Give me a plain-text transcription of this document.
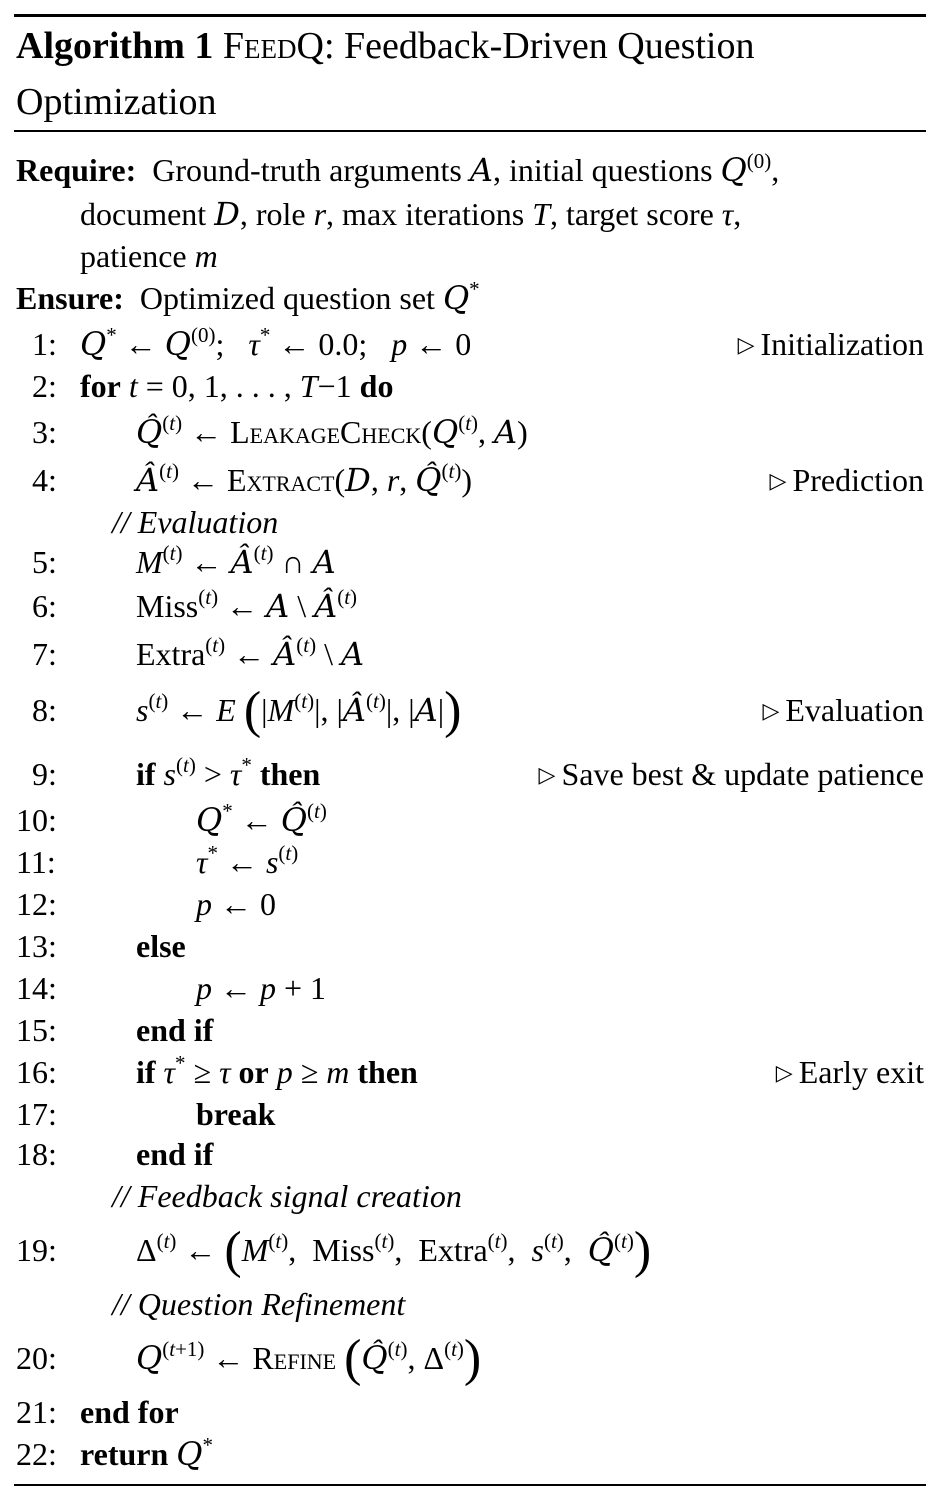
Algorithm 1 FeedQ: Feedback-Driven Question
Optimization
Require: Ground-truth arguments A, initial questions $Q^{(0)}$,
document D, role r, max iterations T, target score τ,
patience m
Ensure: Optimized question set Q*
1: Q* ← $Q^{(0)}$;   τ* ← 0.0;   p ← 0	▷ Initialization
2: for t = 0, 1, . . . , T−1 do
3: Q̂$^{(t)}$ ← $LeakageCheck(Q^{(t)}$, A)
4: $Â^{(t)}$ ← Extract(D, r, Q̂$^{(t)}$)	▷ Prediction
// Evaluation
5: $M^{(t)}$ ← $Â^{(t)}$ ∩ A
6: Miss$^{(t)}$ ← A \ $Â^{(t)}$
7: Extra$^{(t)}$ ← $Â^{(t)}$ \ A
8: $s^{(t)}$ ← E ($|M^{(t)}|$, $|Â^{(t)}|$, |A|)	▷ Evaluation
9: if $s^{(t)} > \tau^*$ then	▷ Save best & update patience
10:	Q* ← Q̂$^{(t)}$
11:	τ* ← $s^{(t)}$
12:	p ← 0
13: else
14:	p ← p + 1
15: end if
16: if τ* ≥ τ or p ≥ m then	▷ Early exit
17:	break
18: end if
// Feedback signal creation
19: $\Delta^{(t)}$ ← ($M^{(t)}$,  Miss$^{(t)}$,  Extra$^{(t)}$,  $s^{(t)}$,  Q̂$^{(t)}$)
// Question Refinement
20: $Q^{(t+1)}$ ← Refine (Q̂$^{(t)}$, $\Delta^{(t)}$)
21: end for
22: return Q*
